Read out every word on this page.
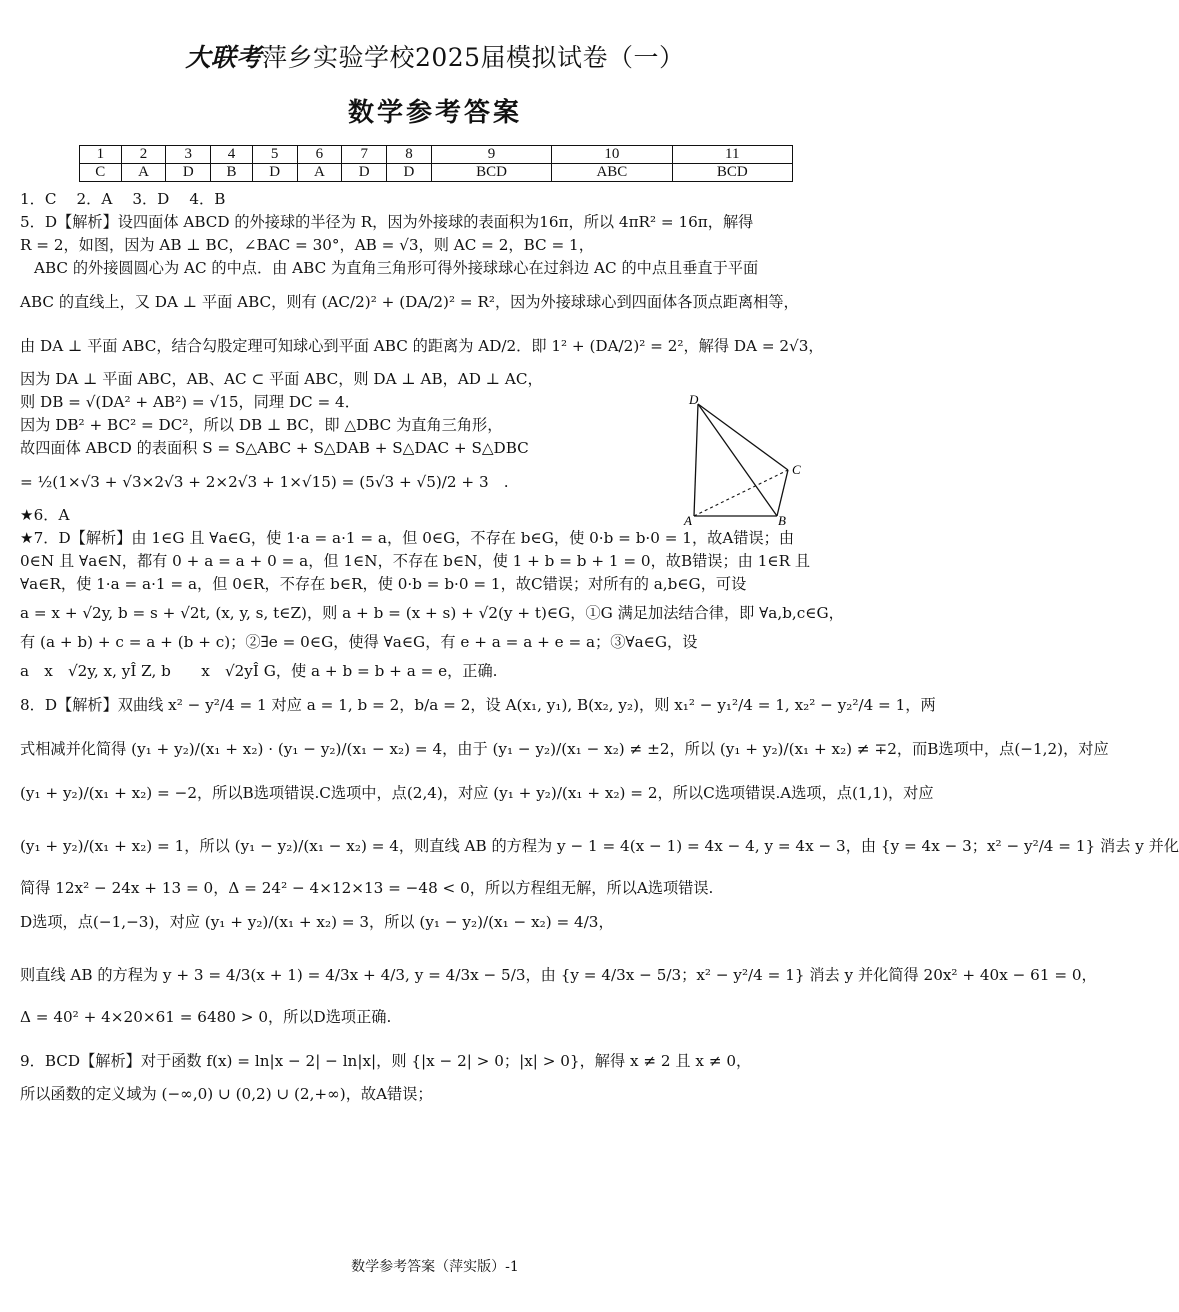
大联考萍乡实验学校2025届模拟试卷（一）
数学参考答案
1	2	3	4	5	6	7	8	9	10	11
C	A	D	B	D	A	D	D	BCD	ABC	BCD
1．C　 2．A　 3．D　 4．B
5．D【解析】设四面体 ABCD 的外接球的半径为 R，因为外接球的表面积为16π，所以 4πR² = 16π，解得
R = 2，如图，因为 AB ⊥ BC，∠BAC = 30°，AB = √3，则 AC = 2，BC = 1，
ABC 的外接圆圆心为 AC 的中点．由 ABC 为直角三角形可得外接球球心在过斜边 AC 的中点且垂直于平面
ABC 的直线上，又 DA ⊥ 平面 ABC，则有 (AC/2)² + (DA/2)² = R²，因为外接球球心到四面体各顶点距离相等，
由 DA ⊥ 平面 ABC，结合勾股定理可知球心到平面 ABC 的距离为 AD/2．即 1² + (DA/2)² = 2²，解得 DA = 2√3，
因为 DA ⊥ 平面 ABC，AB、AC ⊂ 平面 ABC，则 DA ⊥ AB，AD ⊥ AC，
则 DB = √(DA² + AB²) = √15，同理 DC = 4．
因为 DB² + BC² = DC²，所以 DB ⊥ BC，即 △DBC 为直角三角形，
故四面体 ABCD 的表面积 S = S△ABC + S△DAB + S△DAC + S△DBC
= ½(1×√3 + √3×2√3 + 2×2√3 + 1×√15) = (5√3 + √5)/2 + 3　.
★6．A
★7．D【解析】由 1∈G 且 ∀a∈G，使 1·a = a·1 = a，但 0∈G，不存在 b∈G，使 0·b = b·0 = 1，故A错误；由
0∈N 且 ∀a∈N，都有 0 + a = a + 0 = a，但 1∈N，不存在 b∈N，使 1 + b = b + 1 = 0，故B错误；由 1∈R 且
∀a∈R，使 1·a = a·1 = a，但 0∈R，不存在 b∈R，使 0·b = b·0 = 1，故C错误；对所有的 a,b∈G，可设
a = x + √2y, b = s + √2t, (x, y, s, t∈Z)，则 a + b = (x + s) + √2(y + t)∈G，①G 满足加法结合律，即 ∀a,b,c∈G，
有 (a + b) + c = a + (b + c)；②∃e = 0∈G，使得 ∀a∈G，有 e + a = a + e = a；③∀a∈G，设
a　x　√2y, x, yÎ Z, b　　x　√2yÎ G，使 a + b = b + a = e，正确.
8．D【解析】双曲线 x² − y²/4 = 1 对应 a = 1, b = 2，b/a = 2，设 A(x₁, y₁), B(x₂, y₂)，则 x₁² − y₁²/4 = 1, x₂² − y₂²/4 = 1，两
式相减并化简得 (y₁ + y₂)/(x₁ + x₂) · (y₁ − y₂)/(x₁ − x₂) = 4，由于 (y₁ − y₂)/(x₁ − x₂) ≠ ±2，所以 (y₁ + y₂)/(x₁ + x₂) ≠ ∓2，而B选项中，点(−1,2)，对应
(y₁ + y₂)/(x₁ + x₂) = −2，所以B选项错误.C选项中，点(2,4)，对应 (y₁ + y₂)/(x₁ + x₂) = 2，所以C选项错误.A选项，点(1,1)，对应
(y₁ + y₂)/(x₁ + x₂) = 1，所以 (y₁ − y₂)/(x₁ − x₂) = 4，则直线 AB 的方程为 y − 1 = 4(x − 1) = 4x − 4, y = 4x − 3，由 {y = 4x − 3；x² − y²/4 = 1} 消去 y 并化
简得 12x² − 24x + 13 = 0，Δ = 24² − 4×12×13 = −48 < 0，所以方程组无解，所以A选项错误.
D选项，点(−1,−3)，对应 (y₁ + y₂)/(x₁ + x₂) = 3，所以 (y₁ − y₂)/(x₁ − x₂) = 4/3，
则直线 AB 的方程为 y + 3 = 4/3(x + 1) = 4/3x + 4/3, y = 4/3x − 5/3，由 {y = 4/3x − 5/3；x² − y²/4 = 1} 消去 y 并化简得 20x² + 40x − 61 = 0，
Δ = 40² + 4×20×61 = 6480 > 0，所以D选项正确.
9．BCD【解析】对于函数 f(x) = ln|x − 2| − ln|x|，则 {|x − 2| > 0；|x| > 0}，解得 x ≠ 2 且 x ≠ 0，
所以函数的定义域为 (−∞,0) ∪ (0,2) ∪ (2,+∞)，故A错误；
D
C
A	B
数学参考答案（萍实版）-1
